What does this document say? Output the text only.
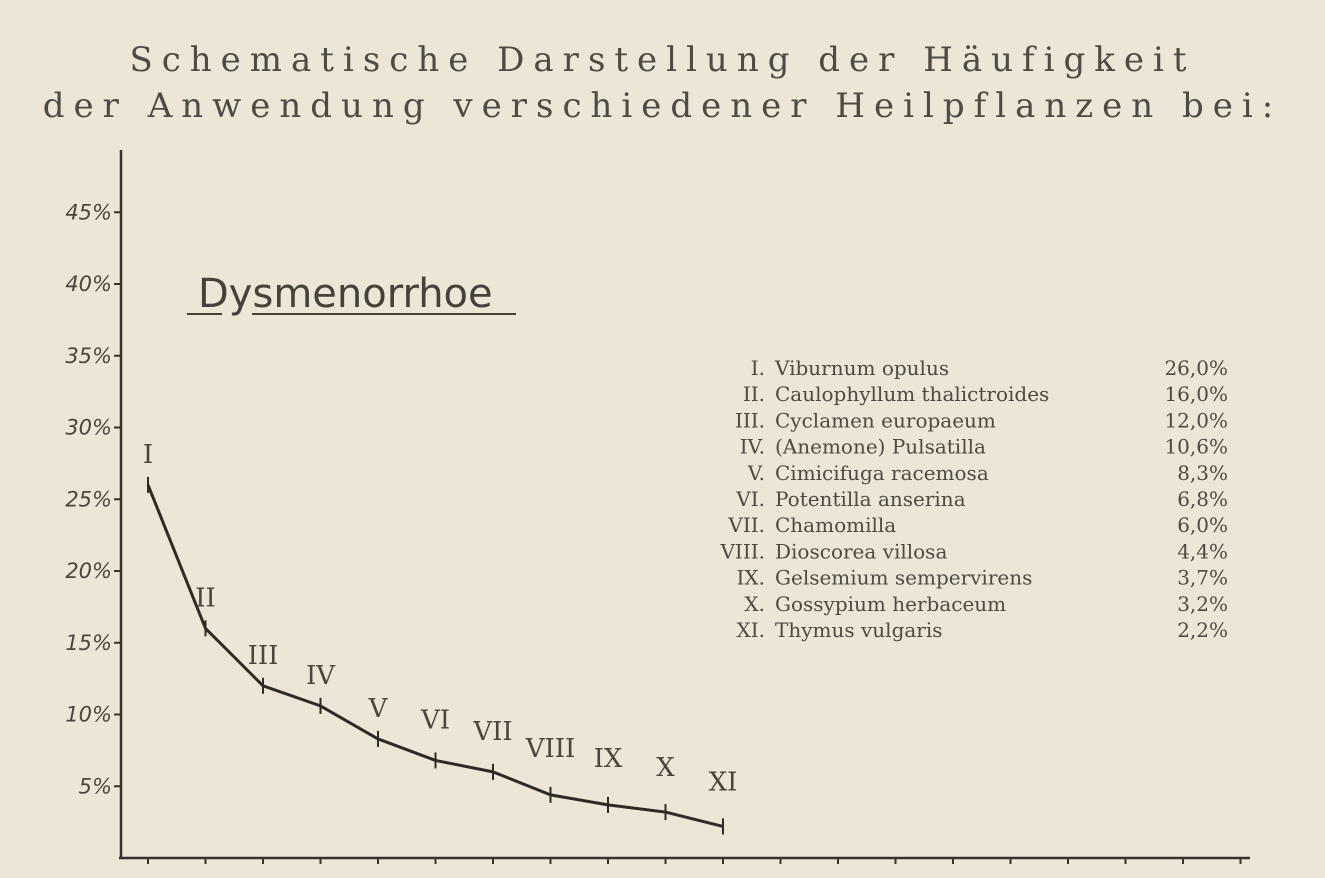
Schematische Darstellung der Häufigkeit
der Anwendung verschiedener Heilpflanzen bei:
5%
10%
15%
20%
25%
30%
35%
40%
45%
Dysmenorrhoe
I
II
III
IV
V VI VII
VIII IX X XI
I. Viburnum opulus	26,0%
II. Caulophyllum thalictroides	16,0%
III. Cyclamen europaeum	12,0%
IV. (Anemone) Pulsatilla	10,6%
V. Cimicifuga racemosa	8,3%
VI. Potentilla anserina	6,8%
VII. Chamomilla	6,0%
VIII. Dioscorea villosa	4,4%
IX. Gelsemium sempervirens	3,7%
X. Gossypium herbaceum	3,2%
XI. Thymus vulgaris	2,2%
